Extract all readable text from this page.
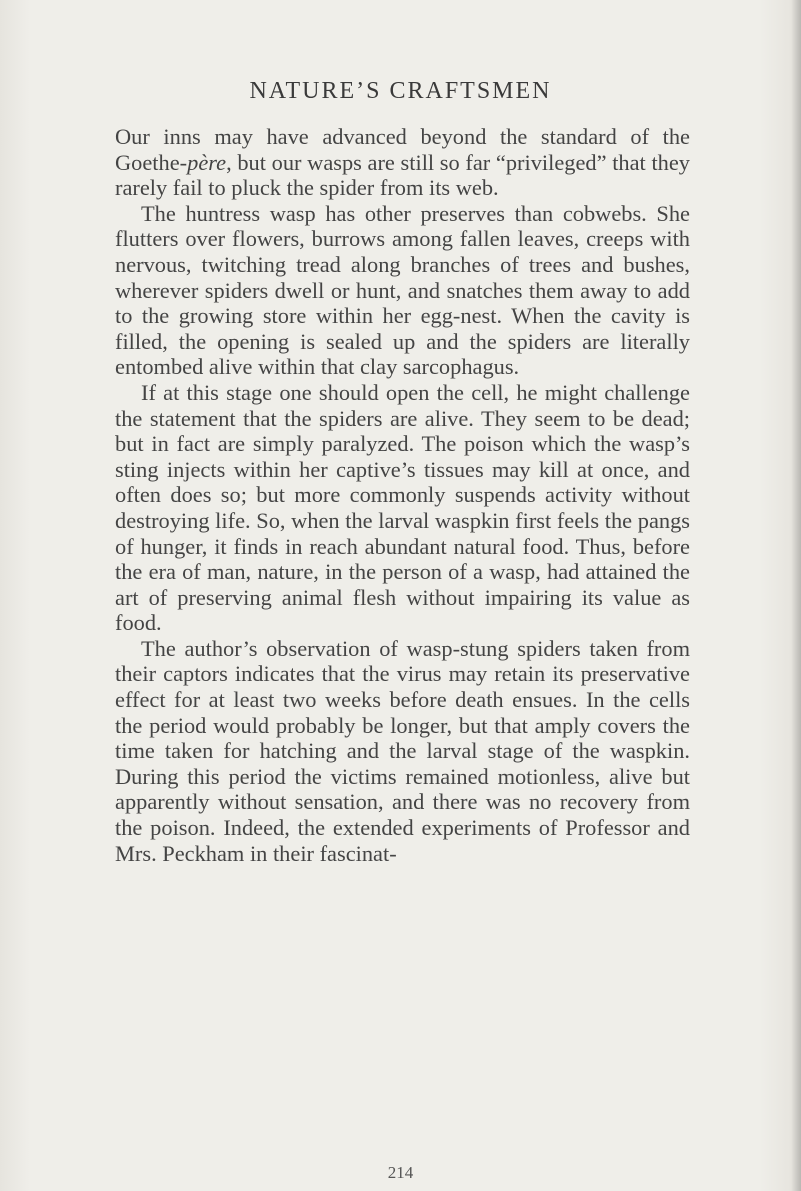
NATURE’S CRAFTSMEN

Our inns may have advanced beyond the standard of the Goethe-père, but our wasps are still so far “privileged” that they rarely fail to pluck the spider from its web.

The huntress wasp has other preserves than cobwebs. She flutters over flowers, burrows among fallen leaves, creeps with nervous, twitching tread along branches of trees and bushes, wherever spiders dwell or hunt, and snatches them away to add to the growing store within her egg-nest. When the cavity is filled, the opening is sealed up and the spiders are literally entombed alive within that clay sarcophagus.

If at this stage one should open the cell, he might challenge the statement that the spiders are alive. They seem to be dead; but in fact are simply paralyzed. The poison which the wasp’s sting injects within her captive’s tissues may kill at once, and often does so; but more commonly suspends activity without destroying life. So, when the larval waspkin first feels the pangs of hunger, it finds in reach abundant natural food. Thus, before the era of man, nature, in the person of a wasp, had attained the art of preserving animal flesh without impairing its value as food.

The author’s observation of wasp-stung spiders taken from their captors indicates that the virus may retain its preservative effect for at least two weeks before death ensues. In the cells the period would probably be longer, but that amply covers the time taken for hatching and the larval stage of the waspkin. During this period the victims remained motionless, alive but apparently without sensation, and there was no recovery from the poison. Indeed, the extended experiments of Professor and Mrs. Peckham in their fascinat-

214
